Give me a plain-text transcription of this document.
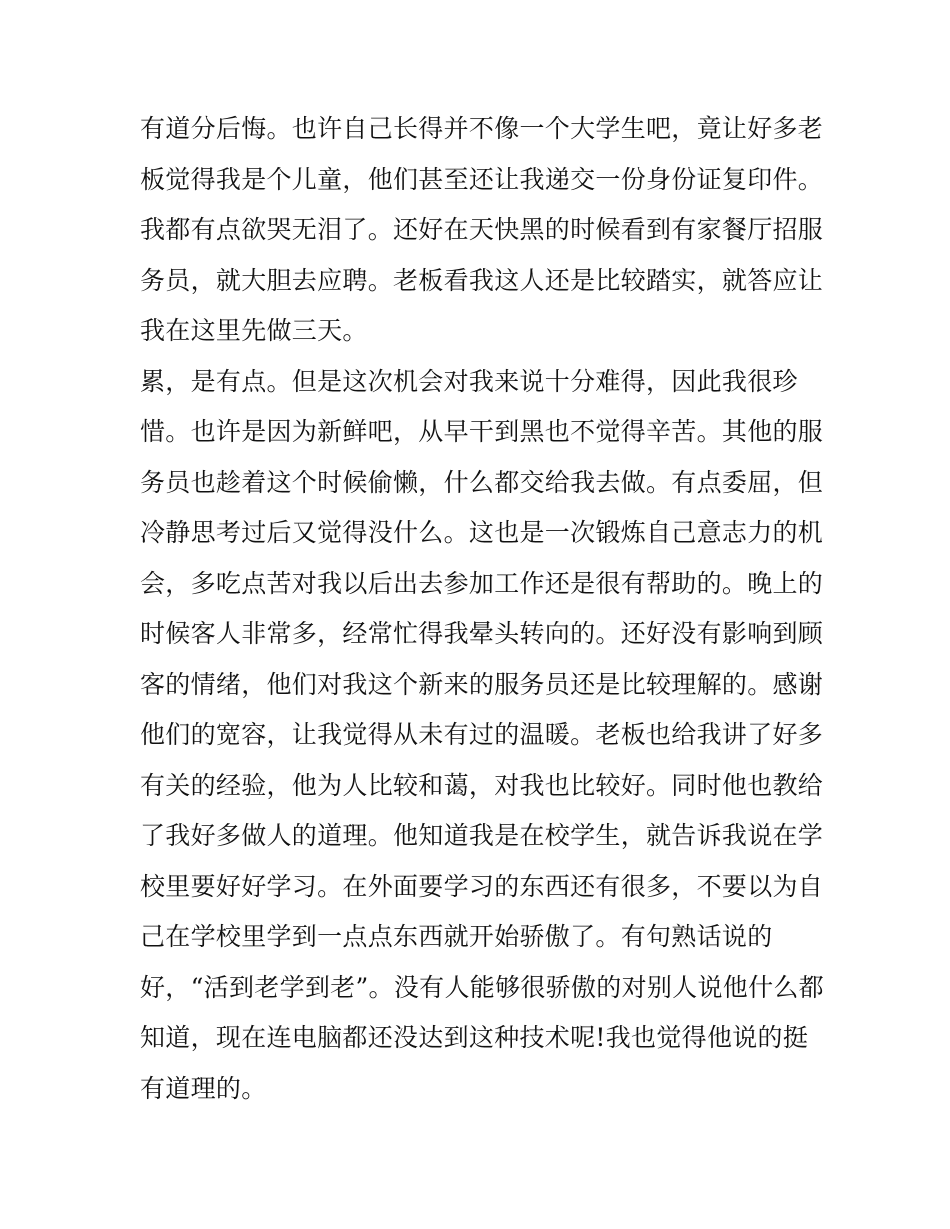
有道分后悔。也许自己长得并不像一个大学生吧，竟让好多老
板觉得我是个儿童，他们甚至还让我递交一份身份证复印件。
我都有点欲哭无泪了。还好在天快黑的时候看到有家餐厅招服
务员，就大胆去应聘。老板看我这人还是比较踏实，就答应让
我在这里先做三天。
累，是有点。但是这次机会对我来说十分难得，因此我很珍
惜。也许是因为新鲜吧，从早干到黑也不觉得辛苦。其他的服
务员也趁着这个时候偷懒，什么都交给我去做。有点委屈，但
冷静思考过后又觉得没什么。这也是一次锻炼自己意志力的机
会，多吃点苦对我以后出去参加工作还是很有帮助的。晚上的
时候客人非常多，经常忙得我晕头转向的。还好没有影响到顾
客的情绪，他们对我这个新来的服务员还是比较理解的。感谢
他们的宽容，让我觉得从未有过的温暖。老板也给我讲了好多
有关的经验，他为人比较和蔼，对我也比较好。同时他也教给
了我好多做人的道理。他知道我是在校学生，就告诉我说在学
校里要好好学习。在外面要学习的东西还有很多，不要以为自
己在学校里学到一点点东西就开始骄傲了。有句熟话说的
好，“活到老学到老”。没有人能够很骄傲的对别人说他什么都
知道，现在连电脑都还没达到这种技术呢!我也觉得他说的挺
有道理的。
